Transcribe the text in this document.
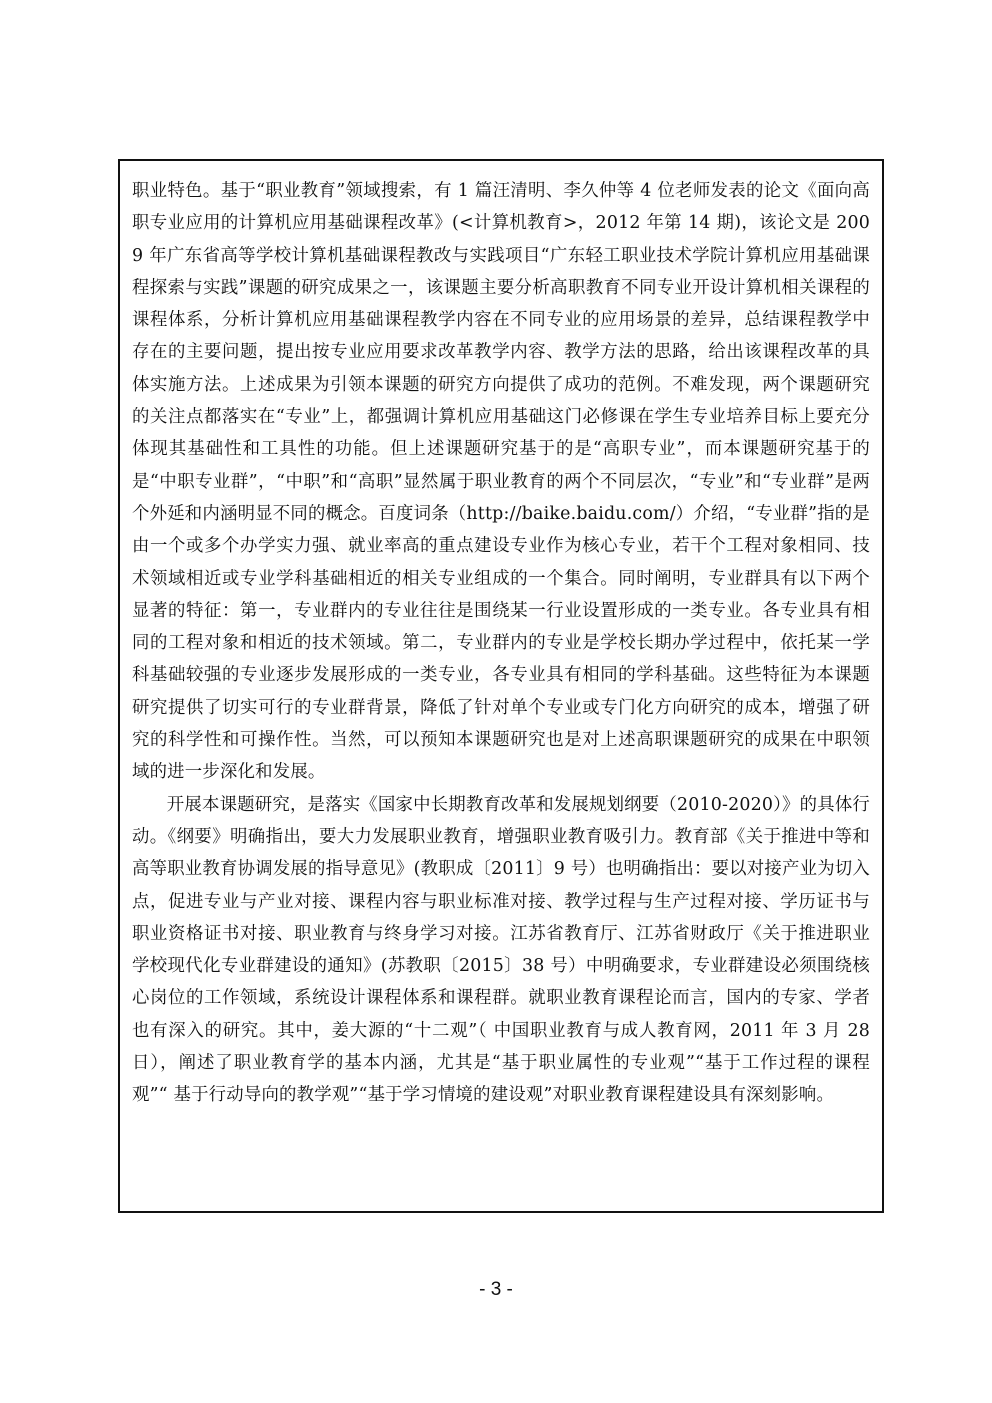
职业特色。基于“职业教育”领域搜索，有 1 篇汪清明、李久仲等 4 位老师发表的论文《面向高职专业应用的计算机应用基础课程改革》(<计算机教育>，2012 年第 14 期)，该论文是 2009 年广东省高等学校计算机基础课程教改与实践项目“广东轻工职业技术学院计算机应用基础课程探索与实践”课题的研究成果之一，该课题主要分析高职教育不同专业开设计算机相关课程的课程体系，分析计算机应用基础课程教学内容在不同专业的应用场景的差异，总结课程教学中存在的主要问题，提出按专业应用要求改革教学内容、教学方法的思路，给出该课程改革的具体实施方法。上述成果为引领本课题的研究方向提供了成功的范例。不难发现，两个课题研究的关注点都落实在“专业”上，都强调计算机应用基础这门必修课在学生专业培养目标上要充分体现其基础性和工具性的功能。但上述课题研究基于的是“高职专业”，而本课题研究基于的是“中职专业群”，“中职”和“高职”显然属于职业教育的两个不同层次，“专业”和“专业群”是两个外延和内涵明显不同的概念。百度词条（http://baike.baidu.com/）介绍，“专业群”指的是由一个或多个办学实力强、就业率高的重点建设专业作为核心专业，若干个工程对象相同、技术领域相近或专业学科基础相近的相关专业组成的一个集合。同时阐明，专业群具有以下两个显著的特征：第一，专业群内的专业往往是围绕某一行业设置形成的一类专业。各专业具有相同的工程对象和相近的技术领域。第二，专业群内的专业是学校长期办学过程中，依托某一学科基础较强的专业逐步发展形成的一类专业，各专业具有相同的学科基础。这些特征为本课题研究提供了切实可行的专业群背景，降低了针对单个专业或专门化方向研究的成本，增强了研究的科学性和可操作性。当然，可以预知本课题研究也是对上述高职课题研究的成果在中职领域的进一步深化和发展。

开展本课题研究，是落实《国家中长期教育改革和发展规划纲要（2010-2020）》的具体行动。《纲要》明确指出，要大力发展职业教育，增强职业教育吸引力。教育部《关于推进中等和高等职业教育协调发展的指导意见》(教职成〔2011〕9 号）也明确指出：要以对接产业为切入点，促进专业与产业对接、课程内容与职业标准对接、教学过程与生产过程对接、学历证书与职业资格证书对接、职业教育与终身学习对接。江苏省教育厅、江苏省财政厅《关于推进职业学校现代化专业群建设的通知》(苏教职〔2015〕38 号）中明确要求，专业群建设必须围绕核心岗位的工作领域，系统设计课程体系和课程群。就职业教育课程论而言，国内的专家、学者也有深入的研究。其中，姜大源的“十二观”（ 中国职业教育与成人教育网，2011 年 3 月 28 日），阐述了职业教育学的基本内涵，尤其是“基于职业属性的专业观”“基于工作过程的课程观”“ 基于行动导向的教学观”“基于学习情境的建设观”对职业教育课程建设具有深刻影响。

- 3 -
